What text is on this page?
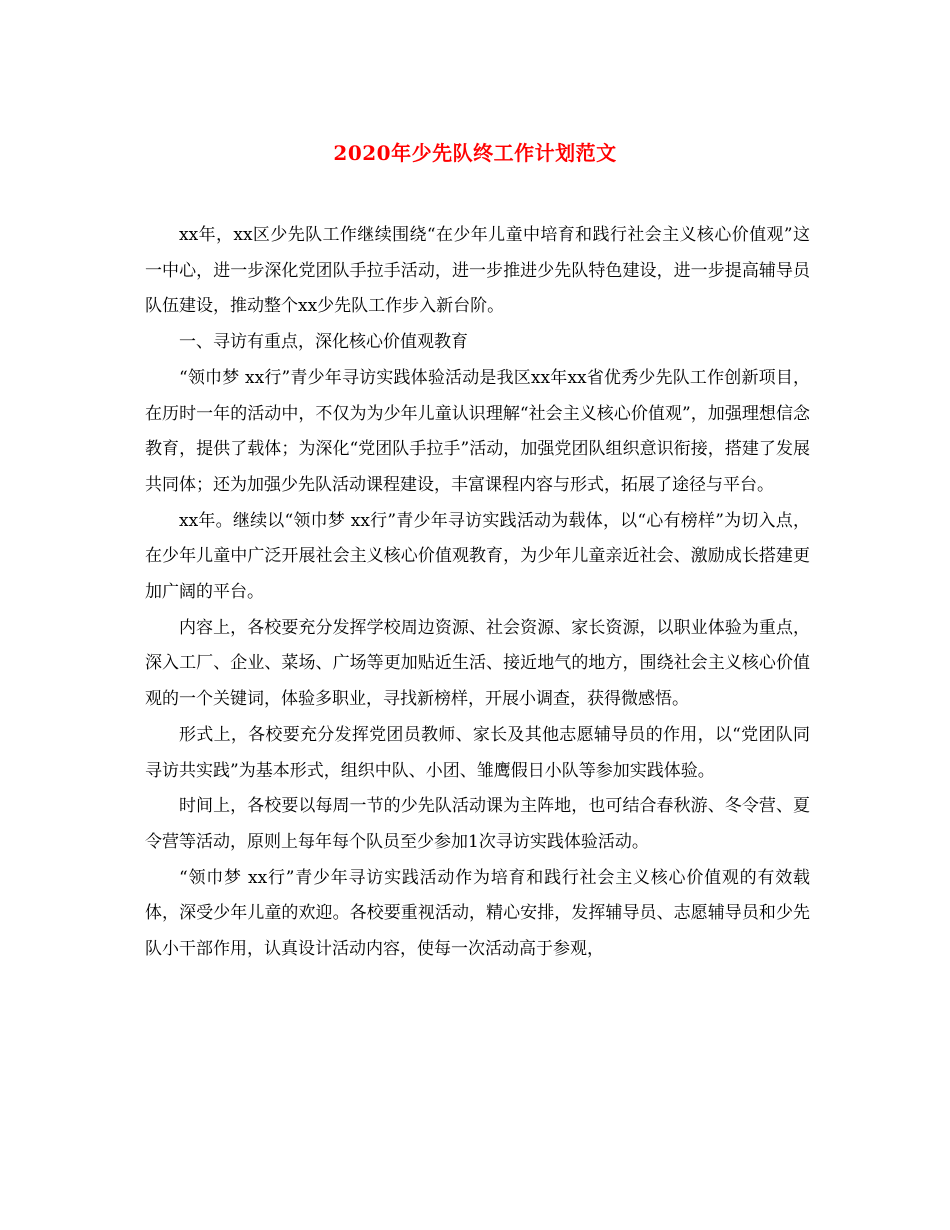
2020年少先队终工作计划范文

xx年，xx区少先队工作继续围绕“在少年儿童中培育和践行社会主义核心价值观”这一中心，进一步深化党团队手拉手活动，进一步推进少先队特色建设，进一步提高辅导员队伍建设，推动整个xx少先队工作步入新台阶。

一、寻访有重点，深化核心价值观教育

“领巾梦 xx行”青少年寻访实践体验活动是我区xx年xx省优秀少先队工作创新项目，在历时一年的活动中，不仅为为少年儿童认识理解“社会主义核心价值观”，加强理想信念教育，提供了载体；为深化“党团队手拉手”活动，加强党团队组织意识衔接，搭建了发展共同体；还为加强少先队活动课程建设，丰富课程内容与形式，拓展了途径与平台。

xx年。继续以“领巾梦 xx行”青少年寻访实践活动为载体，以“心有榜样”为切入点，在少年儿童中广泛开展社会主义核心价值观教育，为少年儿童亲近社会、激励成长搭建更加广阔的平台。

内容上，各校要充分发挥学校周边资源、社会资源、家长资源，以职业体验为重点，深入工厂、企业、菜场、广场等更加贴近生活、接近地气的地方，围绕社会主义核心价值观的一个关键词，体验多职业，寻找新榜样，开展小调查，获得微感悟。

形式上，各校要充分发挥党团员教师、家长及其他志愿辅导员的作用，以“党团队同寻访共实践”为基本形式，组织中队、小团、雏鹰假日小队等参加实践体验。

时间上，各校要以每周一节的少先队活动课为主阵地，也可结合春秋游、冬令营、夏令营等活动，原则上每年每个队员至少参加1次寻访实践体验活动。

“领巾梦 xx行”青少年寻访实践活动作为培育和践行社会主义核心价值观的有效载体，深受少年儿童的欢迎。各校要重视活动，精心安排，发挥辅导员、志愿辅导员和少先队小干部作用，认真设计活动内容，使每一次活动高于参观，
